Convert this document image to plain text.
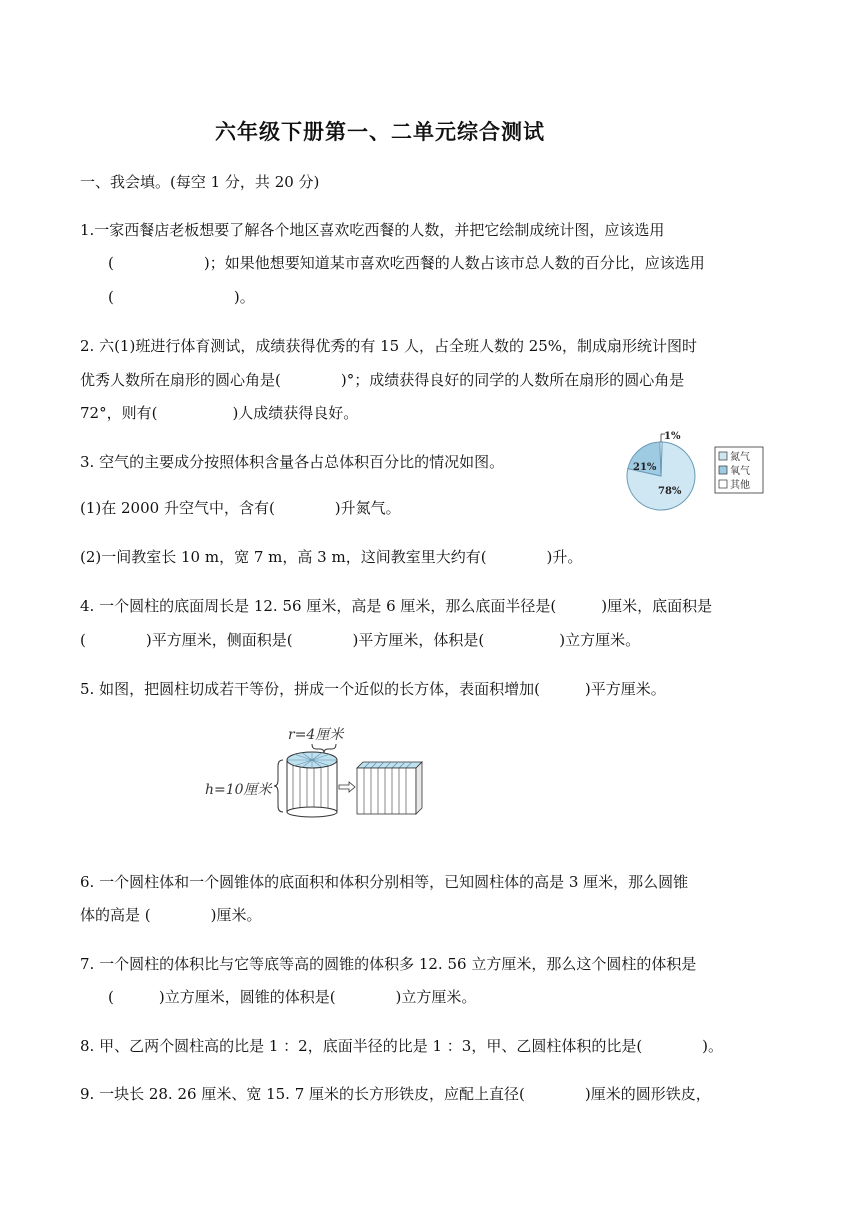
六年级下册第一、二单元综合测试
一、我会填。(每空 1 分，共 20 分)
1.一家西餐店老板想要了解各个地区喜欢吃西餐的人数，并把它绘制成统计图，应该选用
(　　　　　　)；如果他想要知道某市喜欢吃西餐的人数占该市总人数的百分比，应该选用
(　　　　　　　　)。
2. 六(1)班进行体育测试，成绩获得优秀的有 15 人，占全班人数的 25%，制成扇形统计图时
优秀人数所在扇形的圆心角是(　　　　)°；成绩获得良好的同学的人数所在扇形的圆心角是
72°，则有(　　　　　)人成绩获得良好。
3. 空气的主要成分按照体积含量各占总体积百分比的情况如图。
(1)在 2000 升空气中，含有(　　　　)升氮气。
(2)一间教室长 10 m，宽 7 m，高 3 m，这间教室里大约有(　　　　)升。
1%
21%
78%
氮气
氧气
其他
4. 一个圆柱的底面周长是 12. 56 厘米，高是 6 厘米，那么底面半径是(　　　)厘米，底面积是
(　　　　)平方厘米，侧面积是(　　　　)平方厘米，体积是(　　　　　)立方厘米。
5. 如图，把圆柱切成若干等份，拼成一个近似的长方体，表面积增加(　　　)平方厘米。
r=4厘米
h=10厘米
6. 一个圆柱体和一个圆锥体的底面积和体积分别相等，已知圆柱体的高是 3 厘米，那么圆锥
体的高是 (　　　　)厘米。
7. 一个圆柱的体积比与它等底等高的圆锥的体积多 12. 56 立方厘米，那么这个圆柱的体积是
(　　　)立方厘米，圆锥的体积是(　　　　)立方厘米。
8. 甲、乙两个圆柱高的比是 1 ：2，底面半径的比是 1 ：3，甲、乙圆柱体积的比是(　　　　)。
9. 一块长 28. 26 厘米、宽 15. 7 厘米的长方形铁皮，应配上直径(　　　　)厘米的圆形铁皮，
